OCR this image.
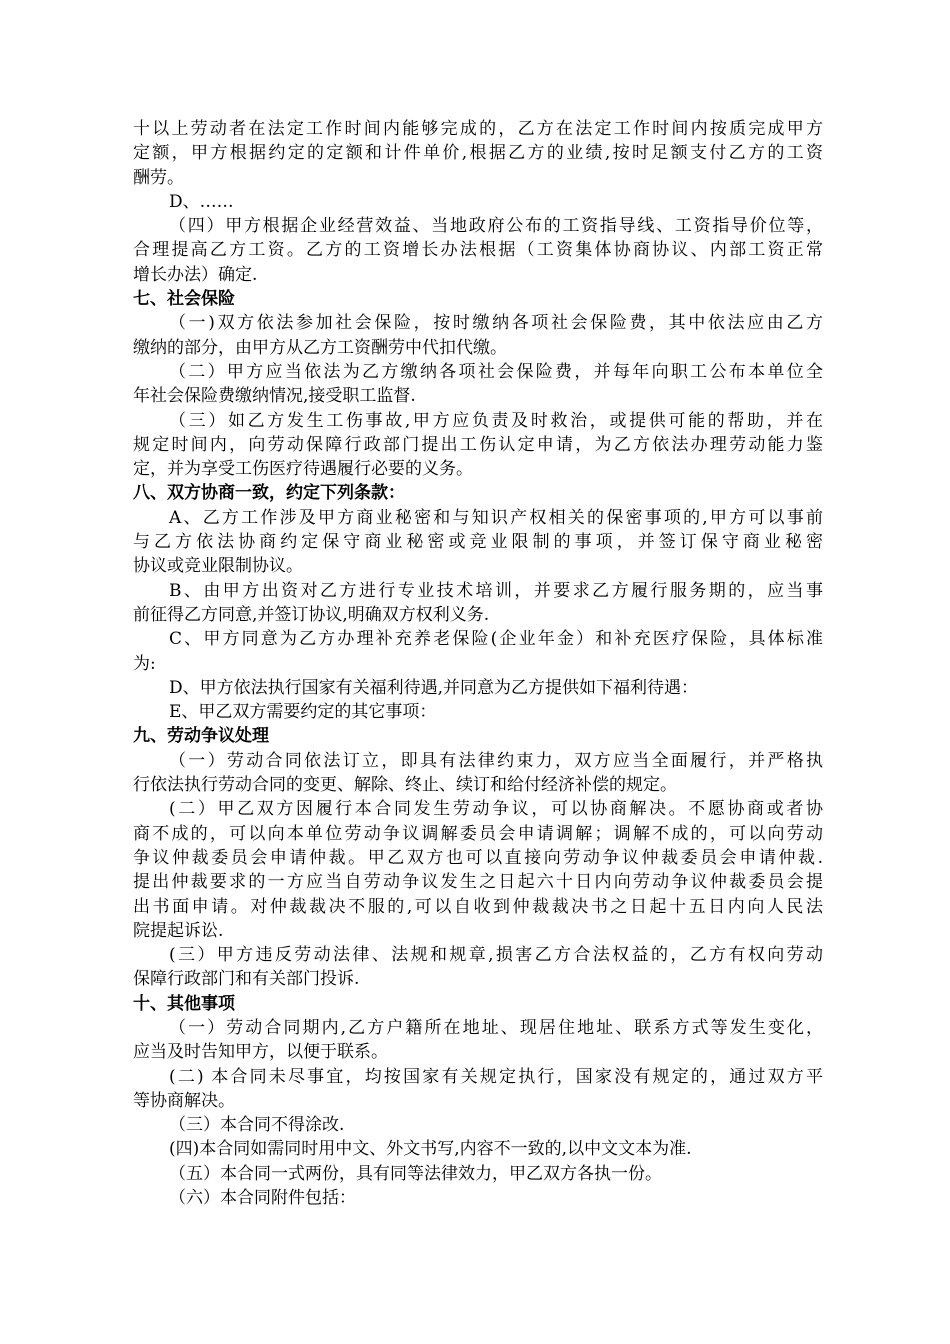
十以上劳动者在法定工作时间内能够完成的，乙方在法定工作时间内按质完成甲方
定额，甲方根据约定的定额和计件单价,根据乙方的业绩,按时足额支付乙方的工资
酬劳。
D、……
（四）甲方根据企业经营效益、当地政府公布的工资指导线、工资指导价位等，
合理提高乙方工资。乙方的工资增长办法根据（工资集体协商协议、内部工资正常
增长办法）确定.
七、社会保险
（一)双方依法参加社会保险，按时缴纳各项社会保险费，其中依法应由乙方
缴纳的部分，由甲方从乙方工资酬劳中代扣代缴。
（二）甲方应当依法为乙方缴纳各项社会保险费，并每年向职工公布本单位全
年社会保险费缴纳情况,接受职工监督.
（三）如乙方发生工伤事故,甲方应负责及时救治，或提供可能的帮助，并在
规定时间内，向劳动保障行政部门提出工伤认定申请，为乙方依法办理劳动能力鉴
定，并为享受工伤医疗待遇履行必要的义务。
八、双方协商一致，约定下列条款：
A、乙方工作涉及甲方商业秘密和与知识产权相关的保密事项的,甲方可以事前
与乙方依法协商约定保守商业秘密或竞业限制的事项，并签订保守商业秘密
协议或竞业限制协议。
B、由甲方出资对乙方进行专业技术培训，并要求乙方履行服务期的，应当事
前征得乙方同意,并签订协议,明确双方权利义务.
C、甲方同意为乙方办理补充养老保险(企业年金）和补充医疗保险，具体标准
为:
D、甲方依法执行国家有关福利待遇,并同意为乙方提供如下福利待遇：
E、甲乙双方需要约定的其它事项：
九、劳动争议处理
（一）劳动合同依法订立，即具有法律约束力，双方应当全面履行，并严格执
行依法执行劳动合同的变更、解除、终止、续订和给付经济补偿的规定。
(二）甲乙双方因履行本合同发生劳动争议，可以协商解决。不愿协商或者协
商不成的，可以向本单位劳动争议调解委员会申请调解；调解不成的，可以向劳动
争议仲裁委员会申请仲裁。甲乙双方也可以直接向劳动争议仲裁委员会申请仲裁.
提出仲裁要求的一方应当自劳动争议发生之日起六十日内向劳动争议仲裁委员会提
出书面申请。对仲裁裁决不服的,可以自收到仲裁裁决书之日起十五日内向人民法
院提起诉讼.
(三）甲方违反劳动法律、法规和规章,损害乙方合法权益的，乙方有权向劳动
保障行政部门和有关部门投诉.
十、其他事项
（一）劳动合同期内,乙方户籍所在地址、现居住地址、联系方式等发生变化，
应当及时告知甲方，以便于联系。
(二) 本合同未尽事宜，均按国家有关规定执行，国家没有规定的，通过双方平
等协商解决。
（三）本合同不得涂改.
(四)本合同如需同时用中文、外文书写,内容不一致的,以中文文本为准.
（五）本合同一式两份，具有同等法律效力，甲乙双方各执一份。
（六）本合同附件包括：
